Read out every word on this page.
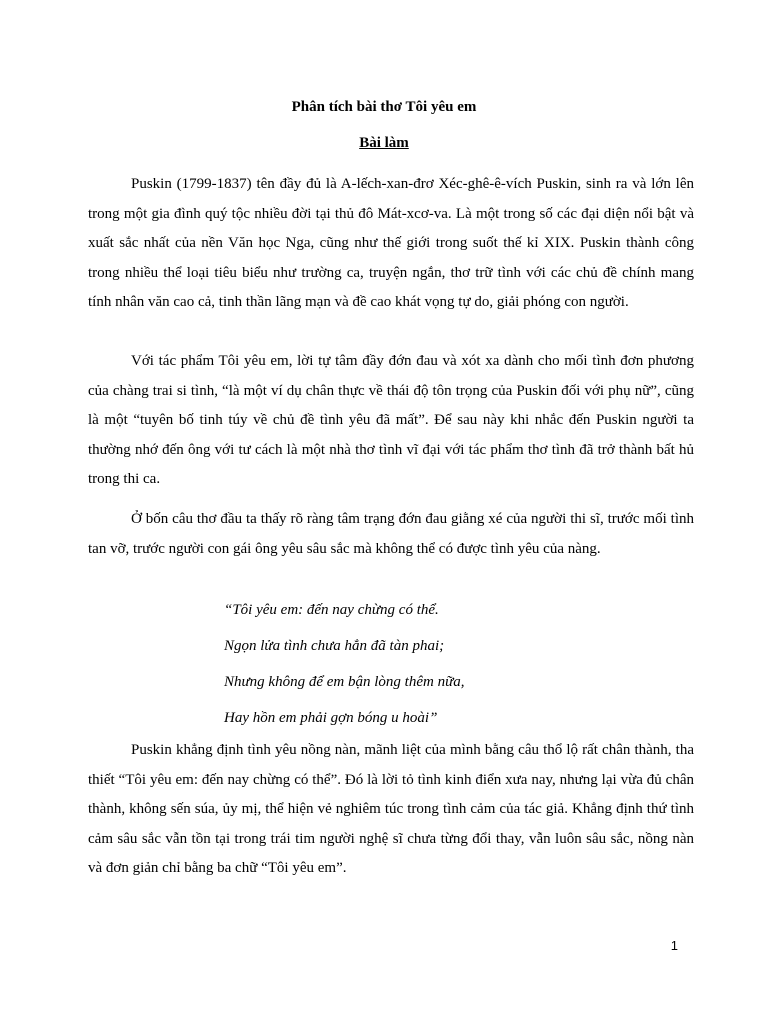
Phân tích bài thơ Tôi yêu em
Bài làm

Puskin (1799-1837) tên đầy đủ là A-lếch-xan-đrơ Xéc-ghê-ê-vích Puskin, sinh ra và lớn lên trong một gia đình quý tộc nhiều đời tại thủ đô Mát-xcơ-va. Là một trong số các đại diện nổi bật và xuất sắc nhất của nền Văn học Nga, cũng như thế giới trong suốt thế kỉ XIX. Puskin thành công trong nhiều thể loại tiêu biểu như trường ca, truyện ngắn, thơ trữ tình với các chủ đề chính mang tính nhân văn cao cả, tinh thần lãng mạn và đề cao khát vọng tự do, giải phóng con người.

Với tác phẩm Tôi yêu em, lời tự tâm đầy đớn đau và xót xa dành cho mối tình đơn phương của chàng trai si tình, “là một ví dụ chân thực về thái độ tôn trọng của Puskin đối với phụ nữ”, cũng là một “tuyên bố tinh túy về chủ đề tình yêu đã mất”. Để sau này khi nhắc đến Puskin người ta thường nhớ đến ông với tư cách là một nhà thơ tình vĩ đại với tác phẩm thơ tình đã trở thành bất hủ trong thi ca.

Ở bốn câu thơ đầu ta thấy rõ ràng tâm trạng đớn đau giằng xé của người thi sĩ, trước mối tình tan vỡ, trước người con gái ông yêu sâu sắc mà không thể có được tình yêu của nàng.

“Tôi yêu em: đến nay chừng có thể.
Ngọn lửa tình chưa hẳn đã tàn phai;
Nhưng không để em bận lòng thêm nữa,
Hay hồn em phải gợn bóng u hoài”

Puskin khẳng định tình yêu nồng nàn, mãnh liệt của mình bằng câu thổ lộ rất chân thành, tha thiết “Tôi yêu em: đến nay chừng có thể”. Đó là lời tỏ tình kinh điển xưa nay, nhưng lại vừa đủ chân thành, không sến súa, ủy mị, thể hiện vẻ nghiêm túc trong tình cảm của tác giả. Khẳng định thứ tình cảm sâu sắc vẫn tồn tại trong trái tim người nghệ sĩ chưa từng đổi thay, vẫn luôn sâu sắc, nồng nàn và đơn giản chỉ bằng ba chữ “Tôi yêu em”.

1
